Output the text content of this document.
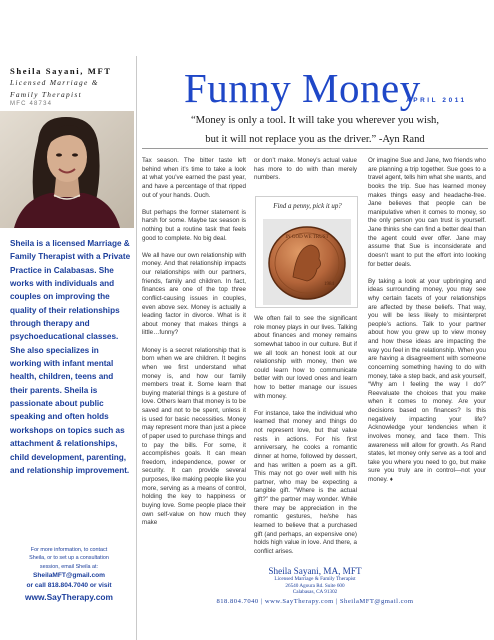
Sheila Sayani, MFT
Licensed Marriage &
Family Therapist
MFC 48734
Sheila is a licensed Marriage & Family Therapist with a Private Practice in Calabasas. She works with individuals and couples on improving the quality of their relationships through therapy and psychoeducational classes. She also specializes in working with infant mental health, children, teens and their parents. Sheila is passionate about public speaking and often holds workshops on topics such as attachment & relationships, child development, parenting, and relationship improvement.
For more information, to contact
Sheila, or to set up a consultation
session, email Sheila at:
SheilaMFT@gmail.com
or call 818.804.7040 or visit
www.SayTherapy.com
Funny Money
APRIL 2011
“Money is only a tool. It will take you wherever you wish,
but it will not replace you as the driver.” -Ayn Rand

Tax season. The bitter taste left behind when it’s time to take a look at what you’ve earned the past year, and have a percentage of that ripped out of your hands. Ouch.

But perhaps the former statement is harsh for some. Maybe tax season is nothing but a routine task that feels good to complete. No big deal.

We all have our own relationship with money. And that relationship impacts our relationships with our partners, friends, family and children. In fact, finances are one of the top three conflict-causing issues in couples, even above sex. Money is actually a leading factor in divorce. What is it about money that makes things a little…funny?

Money is a secret relationship that is born when we are children. It begins when we first understand what money is, and how our family members treat it. Some learn that buying material things is a gesture of love. Others learn that money is to be saved and not to be spent, unless it is used for basic necessities. Money may represent more than just a piece of paper used to purchase things and to pay the bills. For some, it accomplishes goals. It can mean freedom, independence, power or security. It can provide several purposes, like making people like you more, serving as a means of control, holding the key to happiness or buying love. Some people place their own self-value on how much they make

or don’t make. Money’s actual value has more to do with than merely numbers.

Find a penny, pick it up?
IN GOD WE TRUST
1984

We often fail to see the significant role money plays in our lives. Talking about finances and money remains somewhat taboo in our culture. But if we all took an honest look at our relationship with money, then we could learn how to communicate better with our loved ones and learn how to better manage our issues with money.

For instance, take the individual who learned that money and things do not represent love, but that value rests in actions. For his first anniversary, he cooks a romantic dinner at home, followed by dessert, and has written a poem as a gift. This may not go over well with his partner, who may be expecting a tangible gift. “Where is the actual gift?” the partner may wonder. While there may be appreciation in the romantic gestures, he/she has learned to believe that a purchased gift (and perhaps, an expensive one) holds high value in love. And there, a conflict arises.

Or imagine Sue and Jane, two friends who are planning a trip together. Sue goes to a travel agent, tells him what she wants, and books the trip. Sue has learned money makes things easy and headache-free. Jane believes that people can be manipulative when it comes to money, so the only person you can trust is yourself. Jane thinks she can find a better deal than the agent could ever offer. Jane may assume that Sue is inconsiderate and doesn’t want to put the effort into looking for better deals.

By taking a look at your upbringing and ideas surrounding money, you may see why certain facets of your relationships are affected by these beliefs. That way, you will be less likely to misinterpret people’s actions. Talk to your partner about how you grew up to view money and how these ideas are impacting the way you feel in the relationship. When you are having a disagreement with someone concerning something having to do with money, take a step back, and ask yourself, “Why am I feeling the way I do?” Reevaluate the choices that you make when it comes to money. Are your decisions based on finances? Is this negatively impacting your life? Acknowledge your tendencies when it involves money, and face them. This awareness will allow for growth. As Rand states, let money only serve as a tool and take you where you need to go, but make sure you truly are in control—not your money. ♦

Sheila Sayani, MA, MFT
Licensed Marriage & Family Therapist
26540 Agoura Rd. Suite 600
Calabasas, CA 91302
818.804.7040 | www.SayTherapy.com | SheilaMFT@gmail.com
